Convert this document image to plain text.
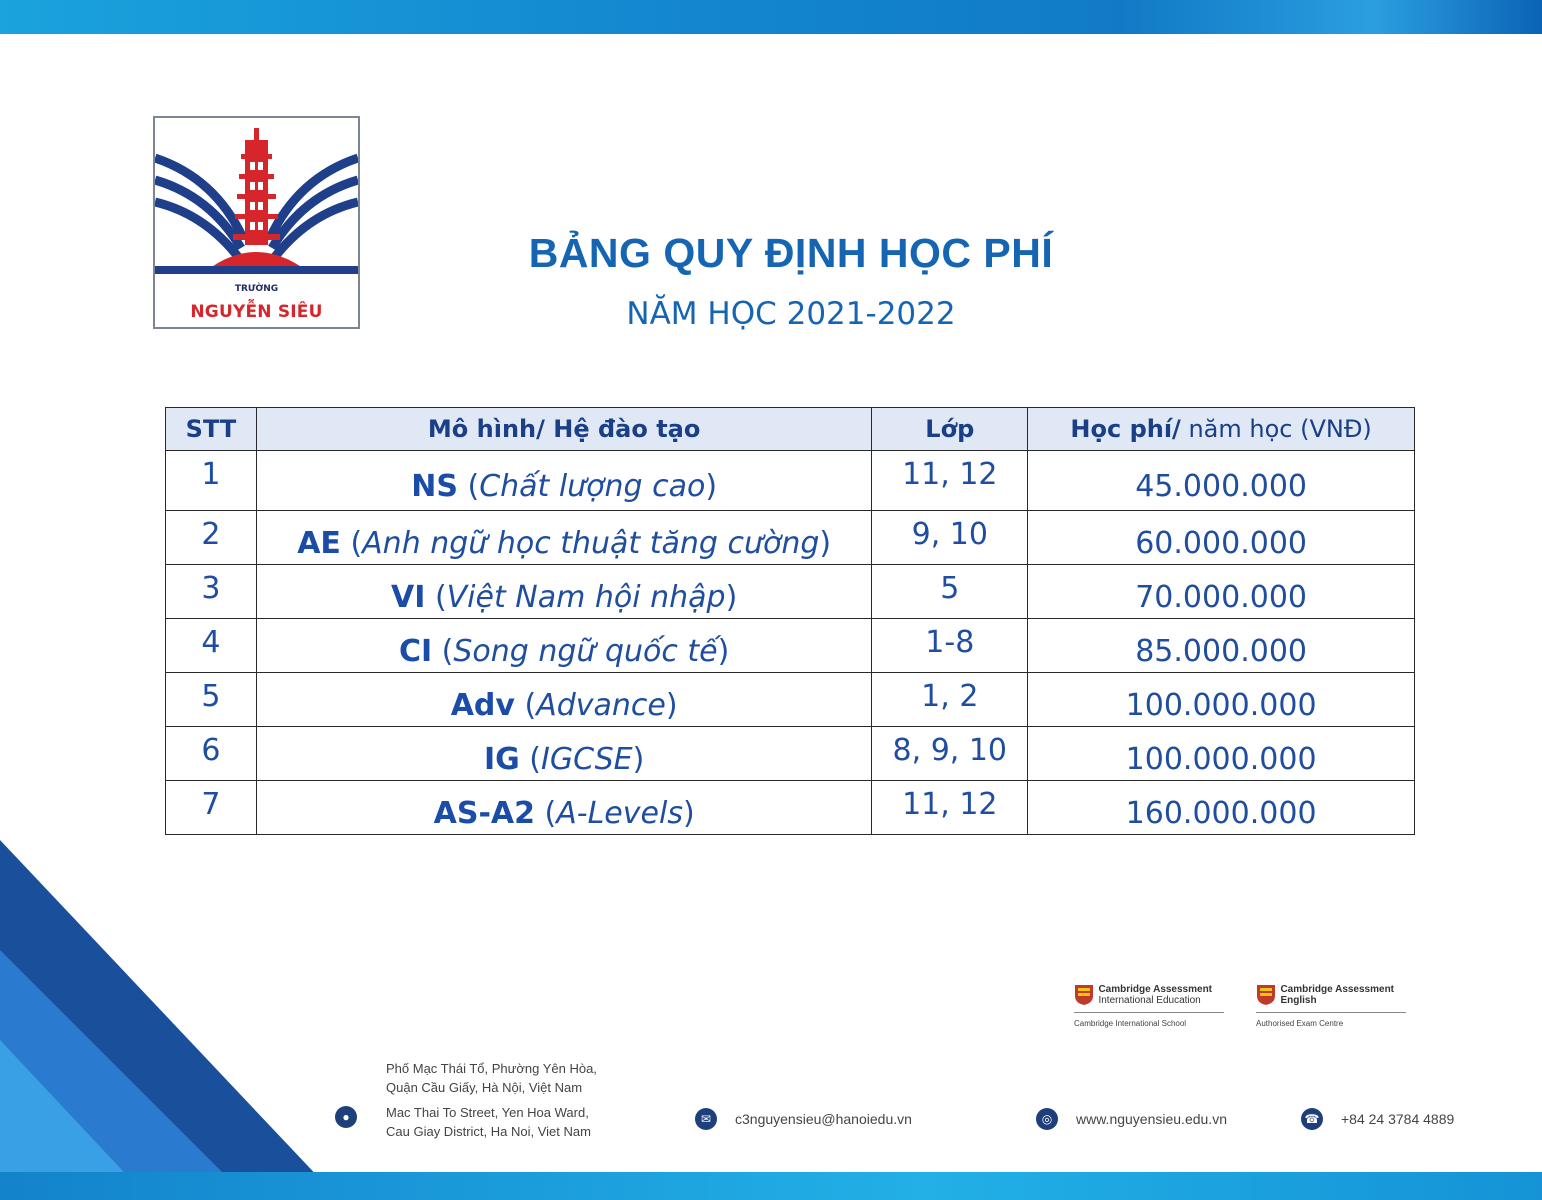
TRƯỜNG
NGUYỄN SIÊU
BẢNG QUY ĐỊNH HỌC PHÍ
NĂM HỌC 2021-2022
STT	Mô hình/ Hệ đào tạo	Lớp	Học phí/ năm học (VNĐ)
1	NS (Chất lượng cao)	11, 12	45.000.000
2	AE (Anh ngữ học thuật tăng cường)	9, 10	60.000.000
3	VI (Việt Nam hội nhập)	5	70.000.000
4	CI (Song ngữ quốc tế)	1-8	85.000.000
5	Adv (Advance)	1, 2	100.000.000
6	IG (IGCSE)	8, 9, 10	100.000.000
7	AS-A2 (A-Levels)	11, 12	160.000.000

Cambridge Assessment
International Education
Cambridge International School

Cambridge Assessment
English
Authorised Exam Centre
●
Phố Mạc Thái Tổ, Phường Yên Hòa,
Quận Cầu Giấy, Hà Nội, Việt Nam
Mac Thai To Street, Yen Hoa Ward,
Cau Giay District, Ha Noi, Viet Nam
✉	c3nguyensieu@hanoiedu.vn	◎	www.nguyensieu.edu.vn	☎ +84 24 3784 4889
